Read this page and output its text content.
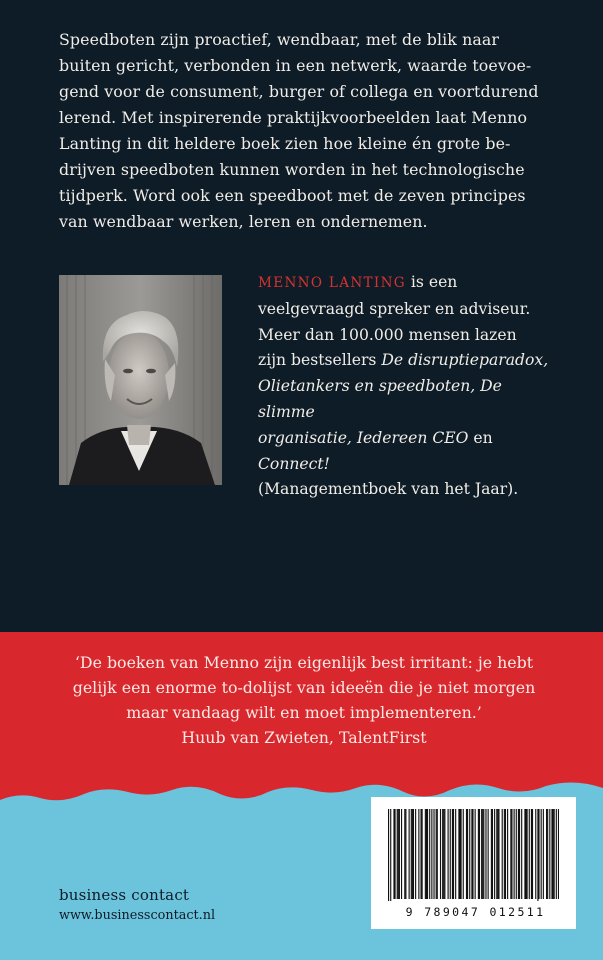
Speedboten zijn proactief, wendbaar, met de blik naar
buiten gericht, verbonden in een netwerk, waarde toevoe-
gend voor de consument, burger of collega en voortdurend
lerend. Met inspirerende praktijkvoorbeelden laat Menno
Lanting in dit heldere boek zien hoe kleine én grote be-
drijven speedboten kunnen worden in het technologische
tijdperk. Word ook een speedboot met de zeven principes
van wendbaar werken, leren en ondernemen.

MENNO LANTING is een
veelgevraagd spreker en adviseur.
Meer dan 100.000 mensen lazen
zijn bestsellers De disruptieparadox,
Olietankers en speedboten, De slimme
organisatie, Iedereen CEO en Connect!
(Managementboek van het Jaar).

‘De boeken van Menno zijn eigenlijk best irritant: je hebt
gelijk een enorme to-dolijst van ideeën die je niet morgen
maar vandaag wilt en moet implementeren.’

Huub van Zwieten, TalentFirst

9 789047 012511

business contact

www.businesscontact.nl
